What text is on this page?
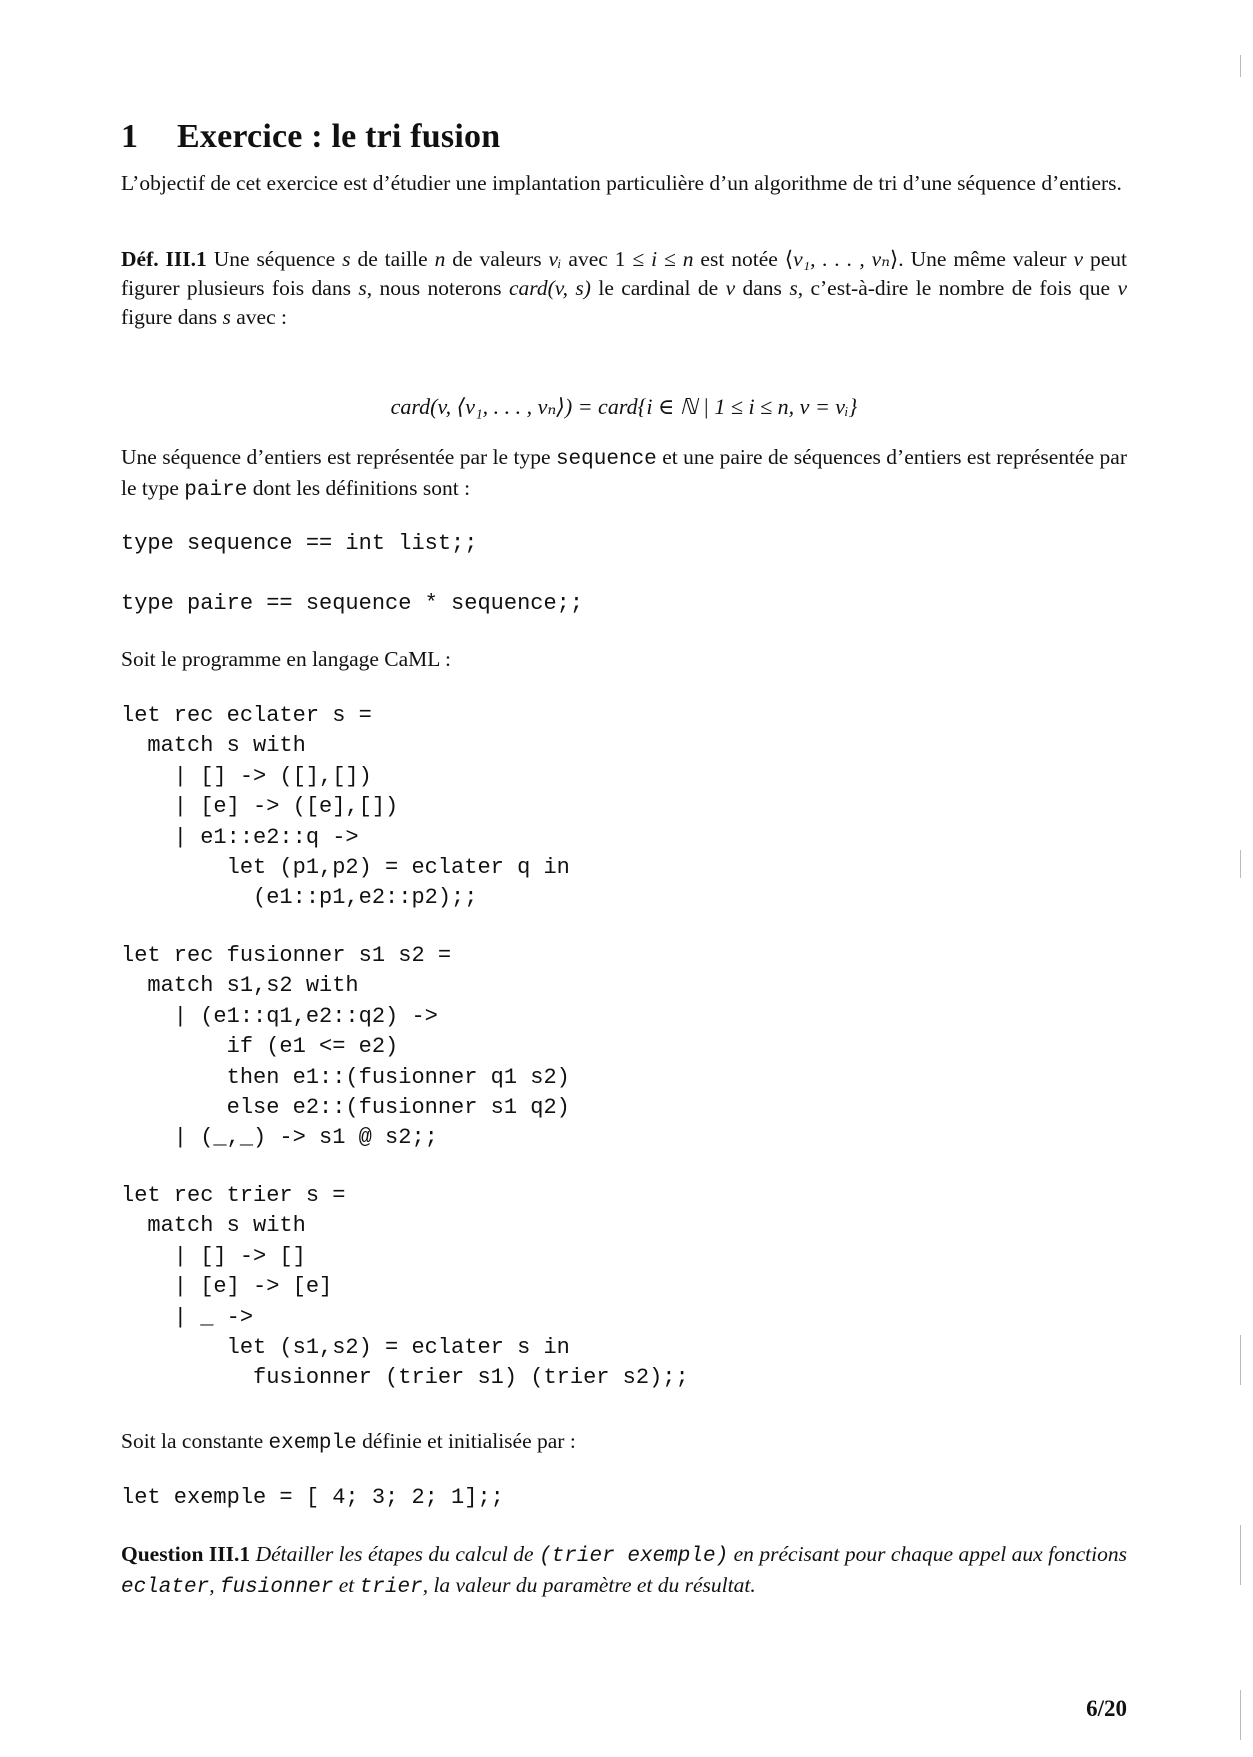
1 Exercice : le tri fusion

L’objectif de cet exercice est d’étudier une implantation particulière d’un algorithme de tri d’une séquence d’entiers.

Déf. III.1 Une séquence s de taille n de valeurs vᵢ avec 1 ≤ i ≤ n est notée ⟨v₁, . . . , vₙ⟩. Une même valeur v peut figurer plusieurs fois dans s, nous noterons card(v, s) le cardinal de v dans s, c’est-à-dire le nombre de fois que v figure dans s avec :

card(v, ⟨v₁, . . . , vₙ⟩) = card{i ∈ ℕ | 1 ≤ i ≤ n, v = vᵢ}

Une séquence d’entiers est représentée par le type sequence et une paire de séquences d’entiers est représentée par le type paire dont les définitions sont :

type sequence == int list;;
type paire == sequence * sequence;;

Soit le programme en langage CaML :

let rec eclater s =
match s with
| [] -> ([],[])
| [e] -> ([e],[])
| e1::e2::q ->
let (p1,p2) = eclater q in
(e1::p1,e2::p2);;
let rec fusionner s1 s2 =
match s1,s2 with
| (e1::q1,e2::q2) ->
if (e1 <= e2)
then e1::(fusionner q1 s2)
else e2::(fusionner s1 q2)
| (_,_) -> s1 @ s2;;
let rec trier s =
match s with
| [] -> []
| [e] -> [e]
| _ ->
let (s1,s2) = eclater s in
fusionner (trier s1) (trier s2);;

Soit la constante exemple définie et initialisée par :

let exemple = [ 4; 3; 2; 1];;

Question III.1 Détailler les étapes du calcul de (trier exemple) en précisant pour chaque appel aux fonctions eclater, fusionner et trier, la valeur du paramètre et du résultat.

6/20
